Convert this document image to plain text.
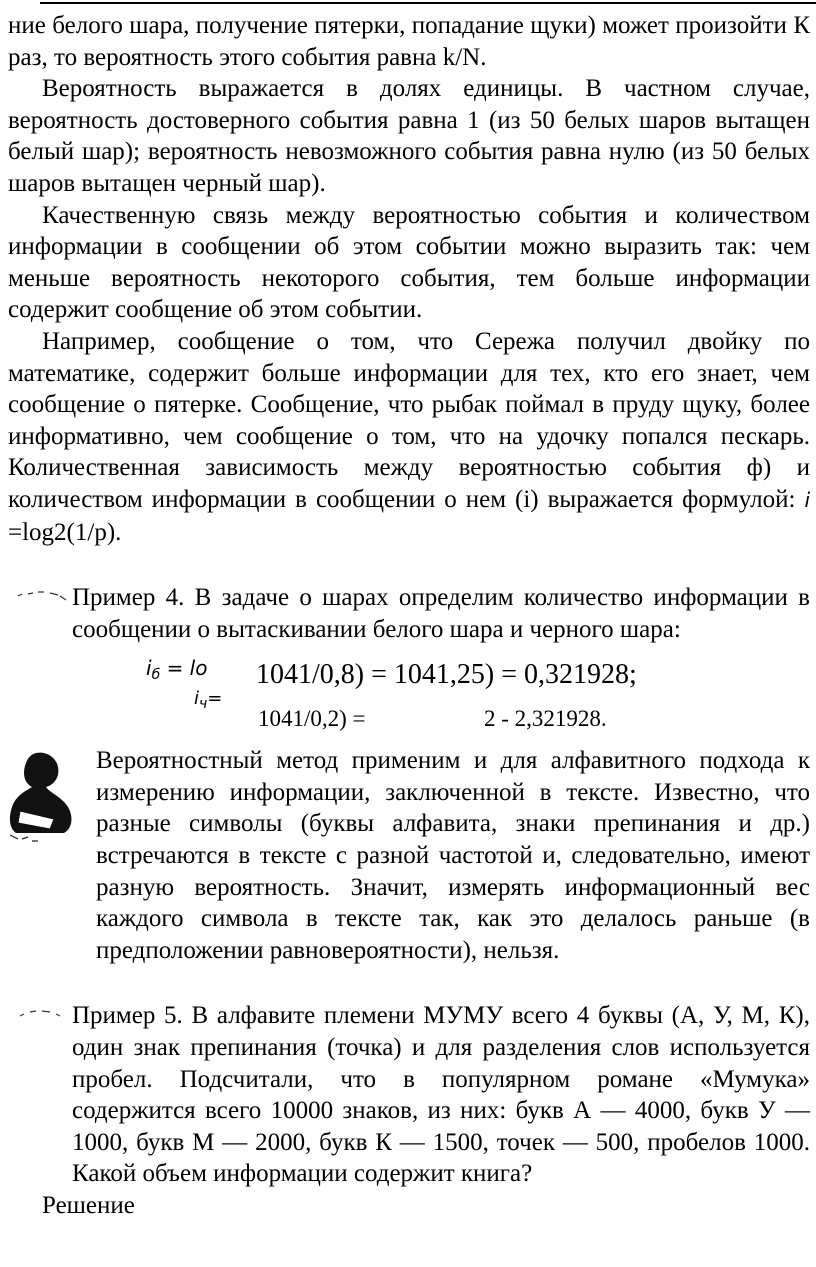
ние белого шара, получение пятерки, попадание щуки) может произойти К раз, то вероятность этого события равна k/N.

Вероятность выражается в долях единицы. В частном случае, вероятность достоверного события равна 1 (из 50 белых шаров вытащен белый шар); вероятность невозможного события равна нулю (из 50 белых шаров вытащен черный шар).

Качественную связь между вероятностью события и количеством информации в сообщении об этом событии можно выразить так: чем меньше вероятность некоторого события, тем больше информации содержит сообщение об этом событии.

Например, сообщение о том, что Сережа получил двойку по математике, содержит больше информации для тех, кто его знает, чем сообщение о пятерке. Сообщение, что рыбак поймал в пруду щуку, более информативно, чем сообщение о том, что на удочку попался пескарь. Количественная зависимость между вероятностью события ф) и количеством информации в сообщении о нем (i) выражается формулой: i =log2(1/p).

Пример 4. В задаче о шарах определим количество информации в сообщении о вытаскивании белого шара и черного шара:

$i_б$ = lo 1041/0,8) = 1041,25) = 0,321928;
$i_ч=$
1041/0,2) =	2 - 2,321928.

Вероятностный метод применим и для алфавитного подхода к измерению информации, заключенной в тексте. Известно, что разные символы (буквы алфавита, знаки препинания и др.) встречаются в тексте с разной частотой и, следовательно, имеют разную вероятность. Значит, измерять информационный вес каждого символа в тексте так, как это делалось раньше (в предположении равновероятности), нельзя.

Пример 5. В алфавите племени МУМУ всего 4 буквы (А, У, М, К), один знак препинания (точка) и для разделения слов используется пробел. Подсчитали, что в популярном романе «Мумука» содержится всего 10000 знаков, из них: букв А — 4000, букв У — 1000, букв М — 2000, букв К — 1500, точек — 500, пробелов 1000. Какой объем информации содержит книга?

Решение
